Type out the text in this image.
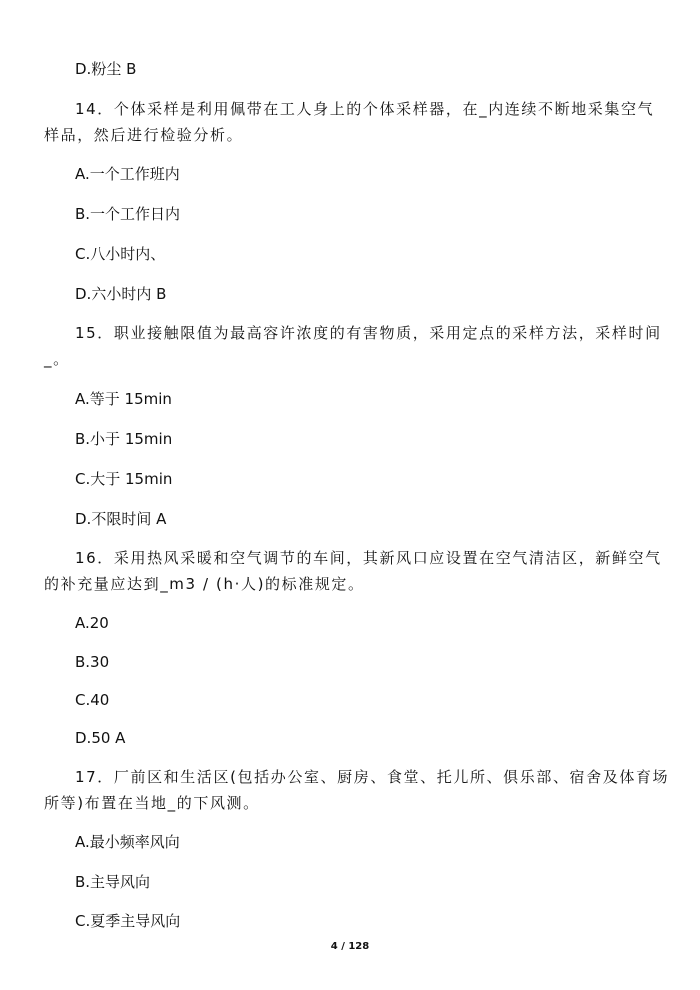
D.粉尘 B
14．个体采样是利用佩带在工人身上的个体采样器，在_内连续不断地采集空气
样品，然后进行检验分析。
A.一个工作班内
B.一个工作日内
C.八小时内、
D.六小时内 B
15．职业接触限值为最高容许浓度的有害物质，采用定点的采样方法，采样时间
_。
A.等于 15min
B.小于 15min
C.大于 15min
D.不限时间 A
16．采用热风采暖和空气调节的车间，其新风口应设置在空气清洁区，新鲜空气
的补充量应达到_m3 / (h·人)的标准规定。
A.20
B.30
C.40
D.50 A
17．厂前区和生活区(包括办公室、厨房、食堂、托儿所、俱乐部、宿舍及体育场
所等)布置在当地_的下风测。
A.最小频率风向
B.主导风向
C.夏季主导风向
4 / 128
